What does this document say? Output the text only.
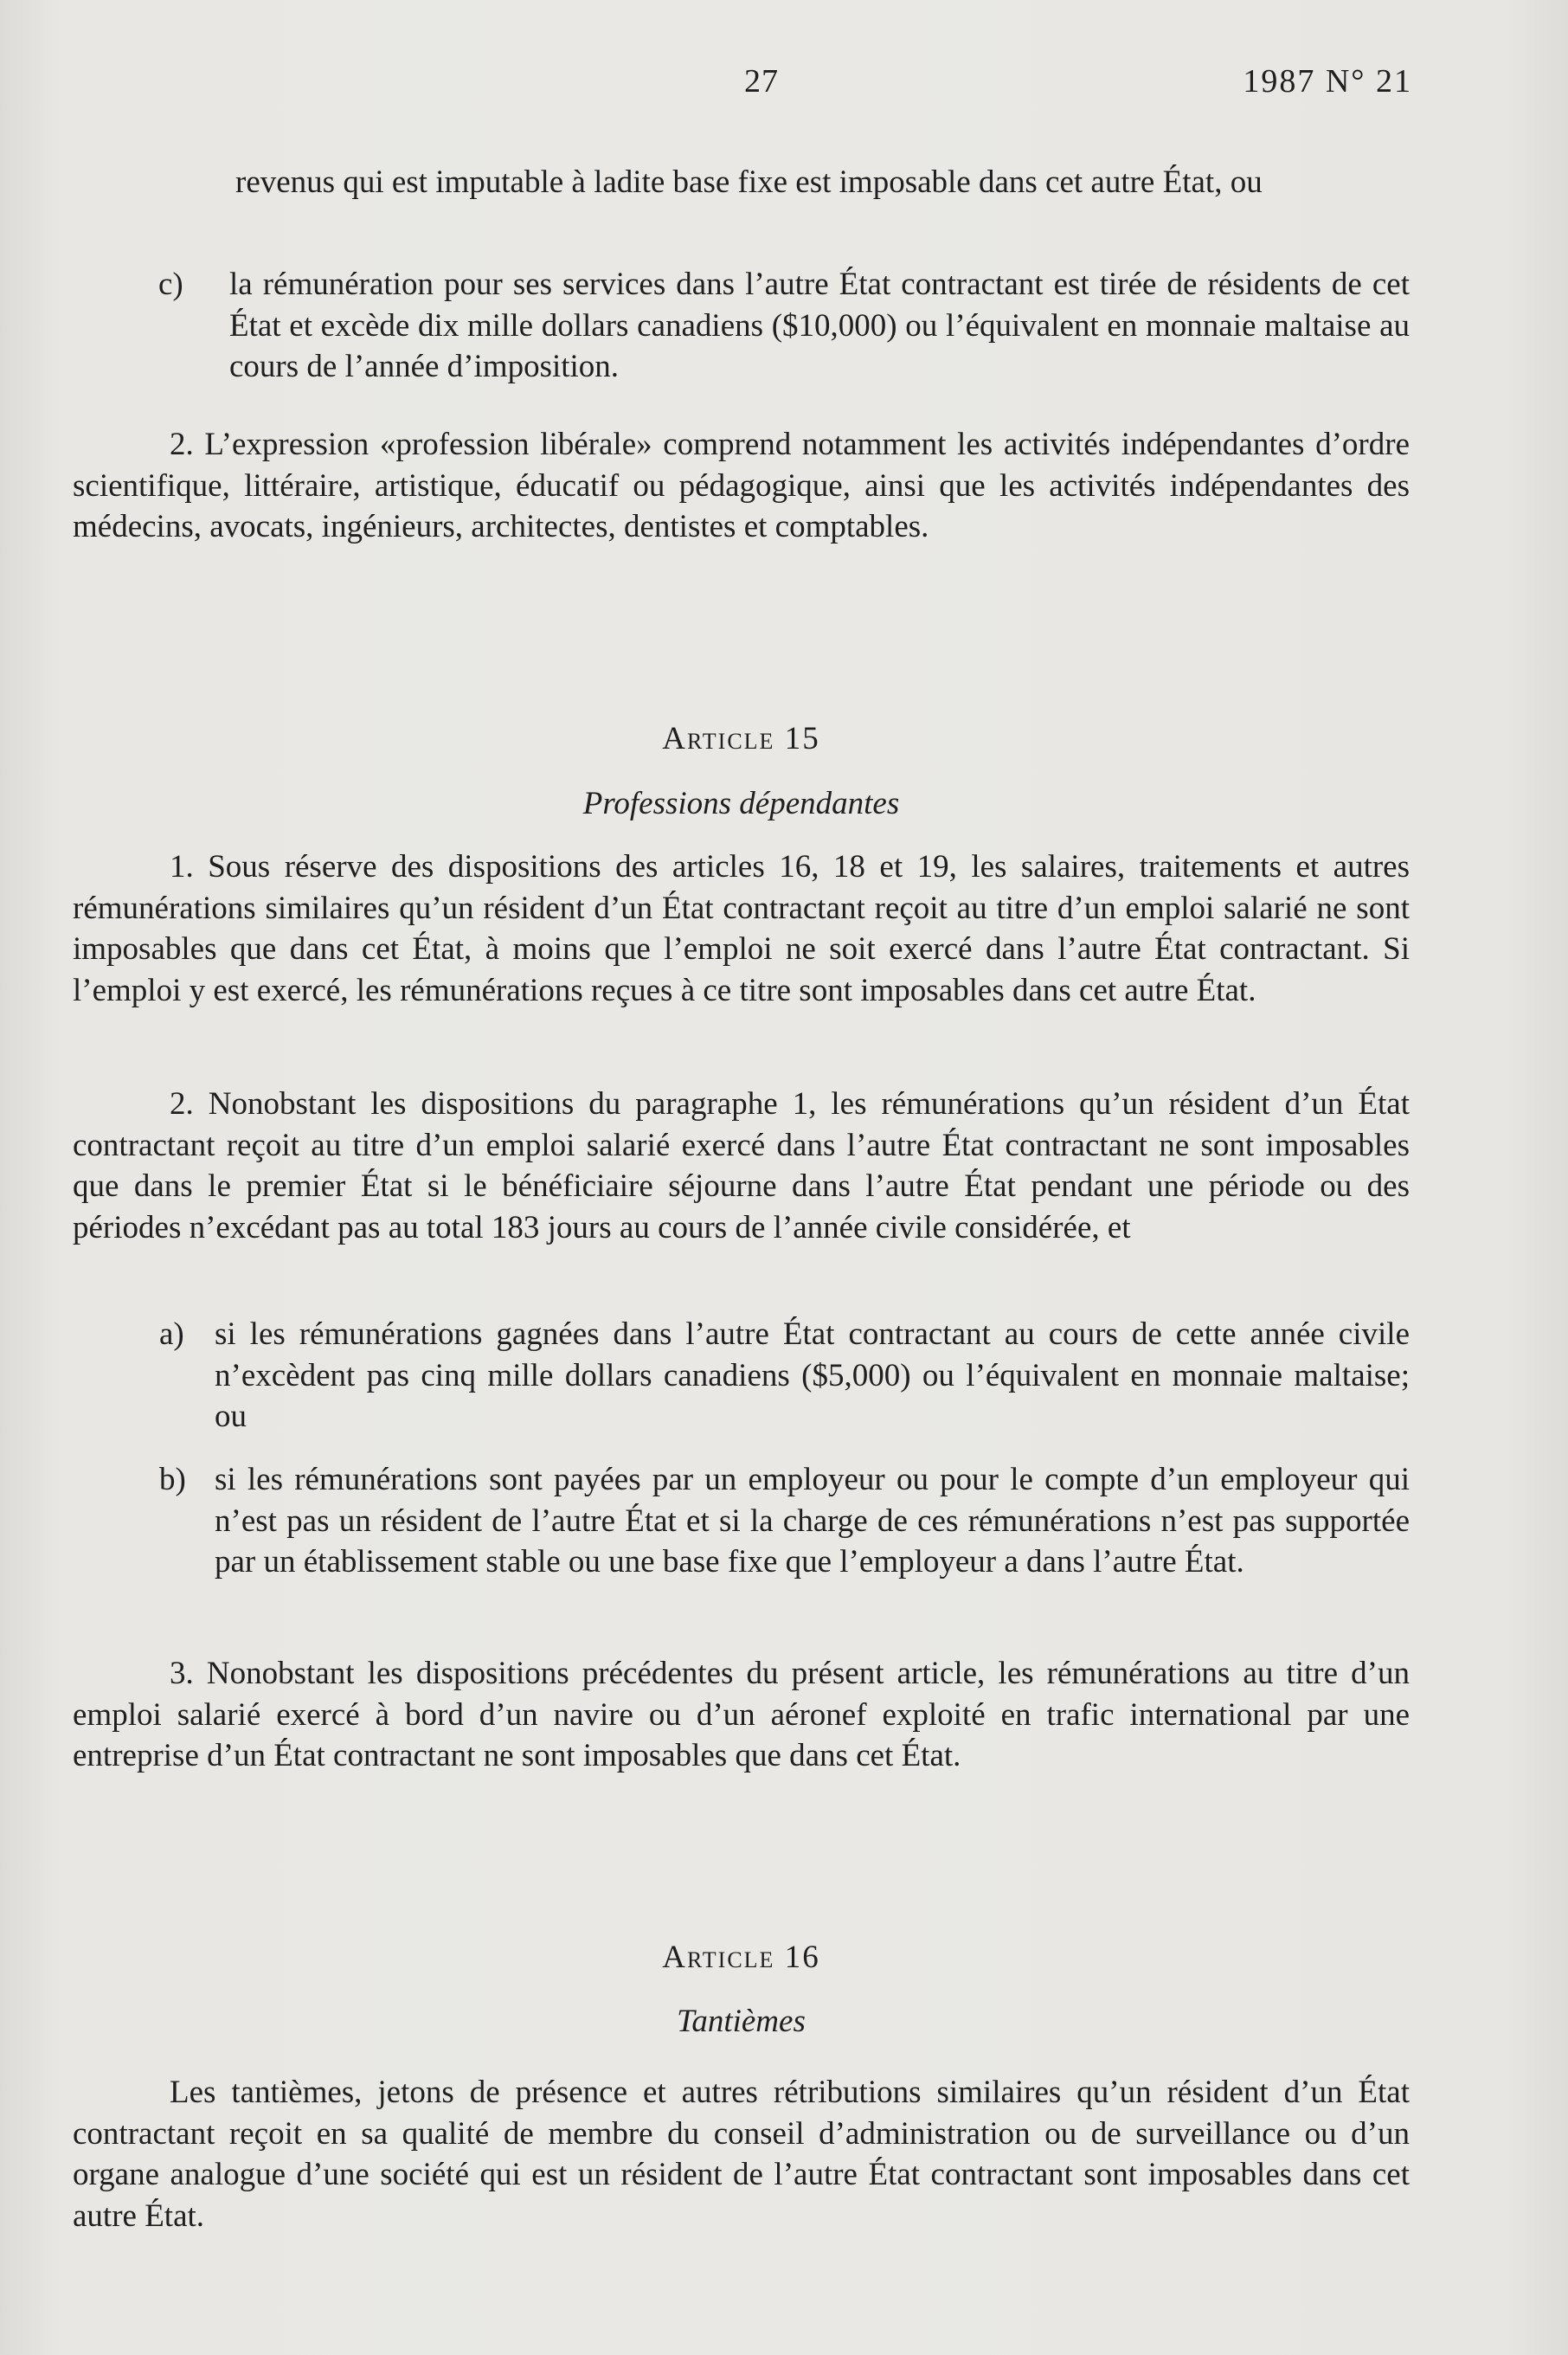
27	1987 N° 21

revenus qui est imputable à ladite base fixe est imposable dans cet autre État, ou

c) la rémunération pour ses services dans l’autre État contractant est tirée de résidents de cet État et excède dix mille dollars canadiens ($10,000) ou l’équivalent en monnaie maltaise au cours de l’année d’imposition.

2. L’expression «profession libérale» comprend notamment les activités indépendantes d’ordre scientifique, littéraire, artistique, éducatif ou pédagogique, ainsi que les activités indépendantes des médecins, avocats, ingénieurs, architectes, dentistes et comptables.

Article 15
Professions dépendantes

1. Sous réserve des dispositions des articles 16, 18 et 19, les salaires, traitements et autres rémunérations similaires qu’un résident d’un État contractant reçoit au titre d’un emploi salarié ne sont imposables que dans cet État, à moins que l’emploi ne soit exercé dans l’autre État contractant. Si l’emploi y est exercé, les rémunérations reçues à ce titre sont imposables dans cet autre État.

2. Nonobstant les dispositions du paragraphe 1, les rémunérations qu’un résident d’un État contractant reçoit au titre d’un emploi salarié exercé dans l’autre État contractant ne sont imposables que dans le premier État si le bénéficiaire séjourne dans l’autre État pendant une période ou des périodes n’excédant pas au total 183 jours au cours de l’année civile considérée, et

a) si les rémunérations gagnées dans l’autre État contractant au cours de cette année civile n’excèdent pas cinq mille dollars canadiens ($5,000) ou l’équivalent en monnaie maltaise; ou
b) si les rémunérations sont payées par un employeur ou pour le compte d’un employeur qui n’est pas un résident de l’autre État et si la charge de ces rémunérations n’est pas supportée par un établissement stable ou une base fixe que l’employeur a dans l’autre État.

3. Nonobstant les dispositions précédentes du présent article, les rémunérations au titre d’un emploi salarié exercé à bord d’un navire ou d’un aéronef exploité en trafic international par une entreprise d’un État contractant ne sont imposables que dans cet État.

Article 16
Tantièmes

Les tantièmes, jetons de présence et autres rétributions similaires qu’un résident d’un État contractant reçoit en sa qualité de membre du conseil d’administration ou de surveillance ou d’un organe analogue d’une société qui est un résident de l’autre État contractant sont imposables dans cet autre État.
